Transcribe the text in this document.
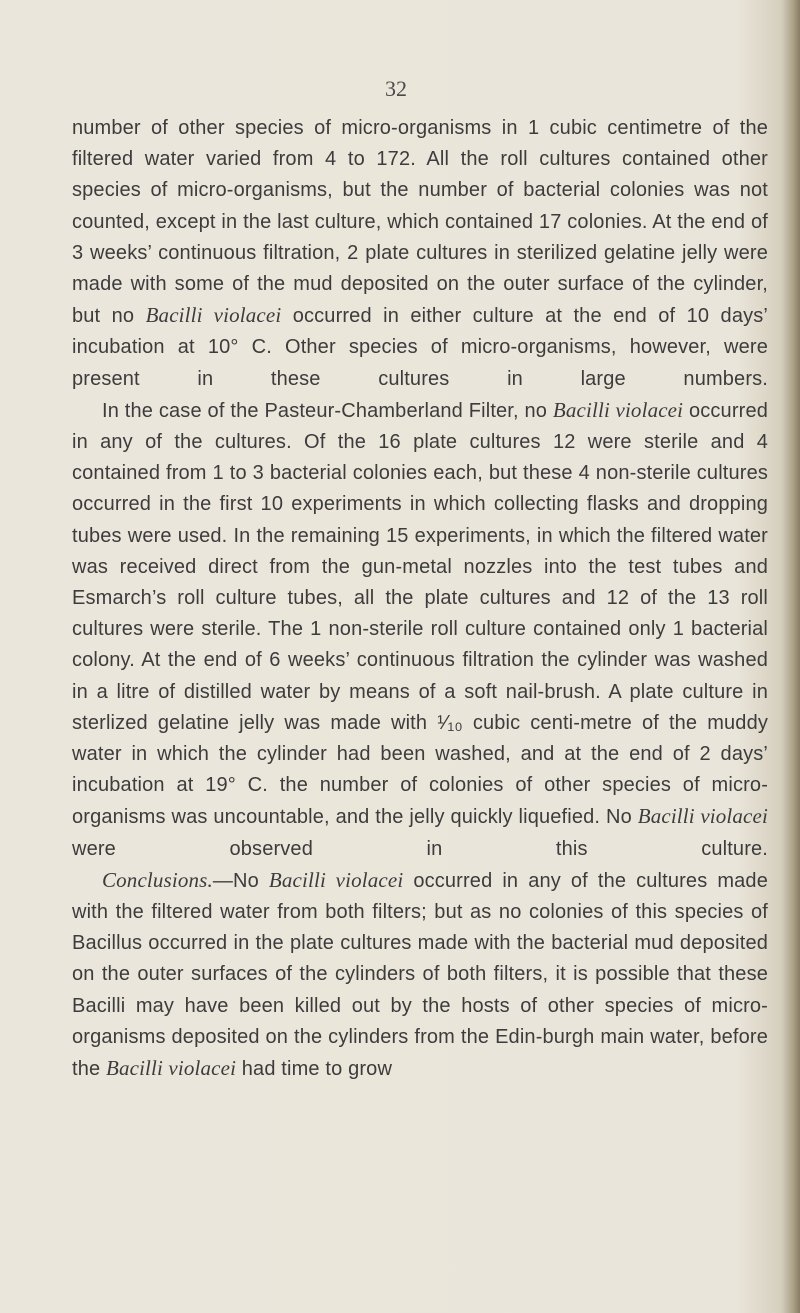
32

number of other species of micro-organisms in 1 cubic centimetre of the filtered water varied from 4 to 172. All the roll cultures contained other species of micro-organisms, but the number of bacterial colonies was not counted, except in the last culture, which contained 17 colonies. At the end of 3 weeks’ continuous filtration, 2 plate cultures in sterilized gelatine jelly were made with some of the mud deposited on the outer surface of the cylinder, but no Bacilli violacei occurred in either culture at the end of 10 days’ incubation at 10° C. Other species of micro-organisms, however, were present in these cultures in large numbers.

In the case of the Pasteur-Chamberland Filter, no Bacilli violacei occurred in any of the cultures. Of the 16 plate cultures 12 were sterile and 4 contained from 1 to 3 bacterial colonies each, but these 4 non-sterile cultures occurred in the first 10 experiments in which collecting flasks and dropping tubes were used. In the remaining 15 experiments, in which the filtered water was received direct from the gun-metal nozzles into the test tubes and Esmarch’s roll culture tubes, all the plate cultures and 12 of the 13 roll cultures were sterile. The 1 non-sterile roll culture contained only 1 bacterial colony. At the end of 6 weeks’ continuous filtration the cylinder was washed in a litre of distilled water by means of a soft nail-brush. A plate culture in sterlized gelatine jelly was made with ¹⁄₁₀ cubic centi-metre of the muddy water in which the cylinder had been washed, and at the end of 2 days’ incubation at 19° C. the number of colonies of other species of micro-organisms was uncountable, and the jelly quickly liquefied. No Bacilli violacei were observed in this culture.

Conclusions.—No Bacilli violacei occurred in any of the cultures made with the filtered water from both filters; but as no colonies of this species of Bacillus occurred in the plate cultures made with the bacterial mud deposited on the outer surfaces of the cylinders of both filters, it is possible that these Bacilli may have been killed out by the hosts of other species of micro-organisms deposited on the cylinders from the Edin-burgh main water, before the Bacilli violacei had time to grow
